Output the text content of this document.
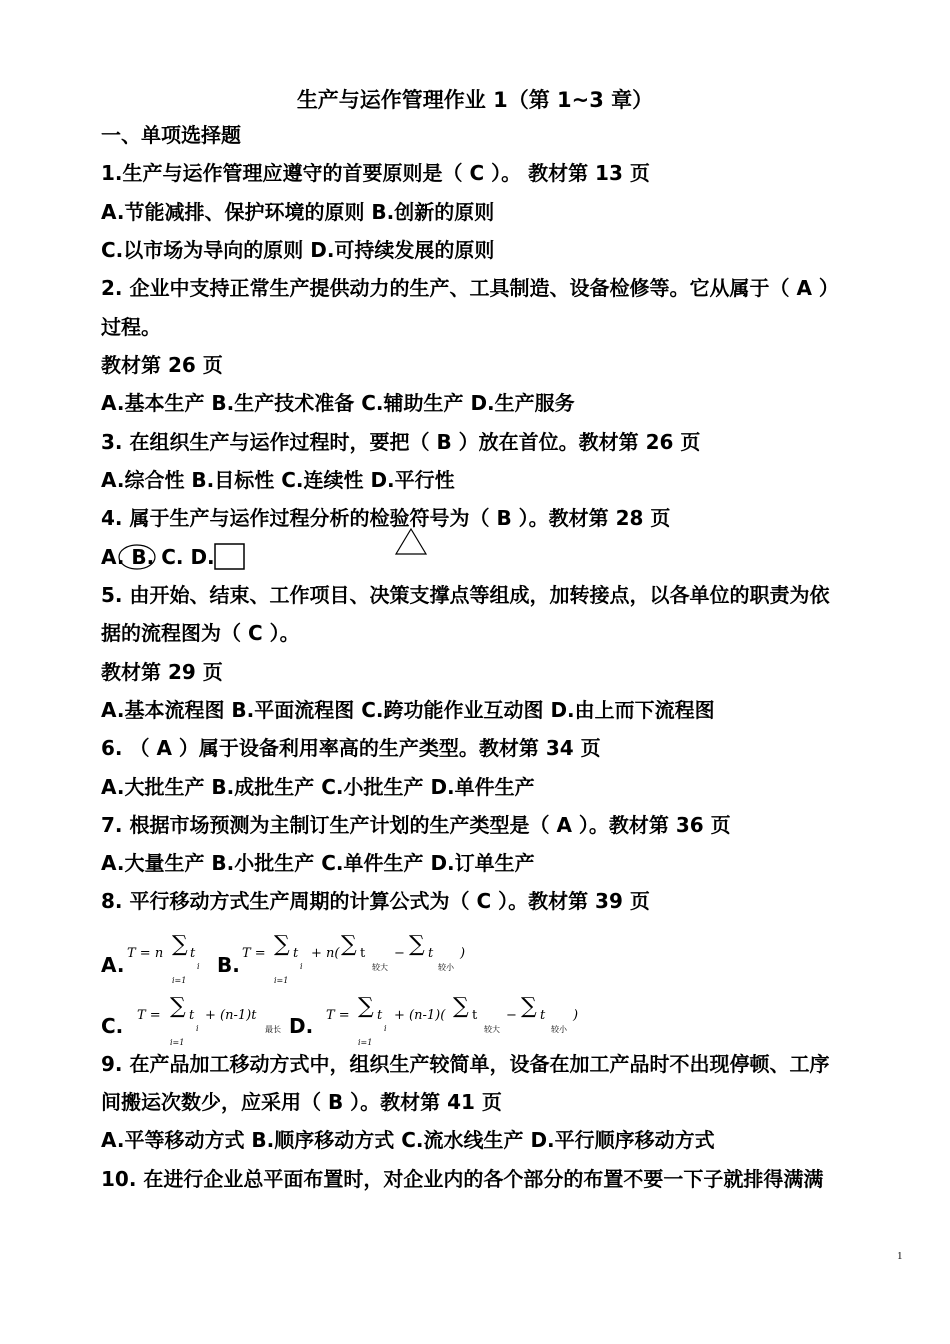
生产与运作管理作业 1（第 1~3 章）
一、单项选择题
1.生产与运作管理应遵守的首要原则是（ C ）。 教材第 13 页
A.节能减排、保护环境的原则 B.创新的原则
C.以市场为导向的原则 D.可持续发展的原则
2. 企业中支持正常生产提供动力的生产、工具制造、设备检修等。它从属于（ A ）
过程。
教材第 26 页
A.基本生产 B.生产技术准备 C.辅助生产 D.生产服务
3. 在组织生产与运作过程时，要把（ B ）放在首位。教材第 26 页
A.综合性 B.目标性 C.连续性 D.平行性
4. 属于生产与运作过程分析的检验符号为（ B ）。教材第 28 页
A. B. C. D.
5. 由开始、结束、工作项目、决策支撑点等组成，加转接点，以各单位的职责为依
据的流程图为（ C ）。
教材第 29 页
A.基本流程图 B.平面流程图 C.跨功能作业互动图 D.由上而下流程图
6. （ A ）属于设备利用率高的生产类型。教材第 34 页
A.大批生产 B.成批生产 C.小批生产 D.单件生产
7. 根据市场预测为主制订生产计划的生产类型是（ A ）。教材第 36 页
A.大量生产 B.小批生产 C.单件生产 D.订单生产
8. 平行移动方式生产周期的计算公式为（ C ）。教材第 39 页
A. T = n ∑ t
i
i=1
B. T = ∑ t
i
i=1
+ n( ∑ t
较大
− ∑ t
较小
)
C. T = ∑ t
i
i=1
+ (n-1)t
最长 D. T = ∑ t
i
i=1
+ (n-1)( ∑ t
较大
− ∑ t
较小
)
9. 在产品加工移动方式中，组织生产较简单，设备在加工产品时不出现停顿、工序
间搬运次数少，应采用（ B ）。教材第 41 页
A.平等移动方式 B.顺序移动方式 C.流水线生产 D.平行顺序移动方式
10. 在进行企业总平面布置时，对企业内的各个部分的布置不要一下子就排得满满
1
